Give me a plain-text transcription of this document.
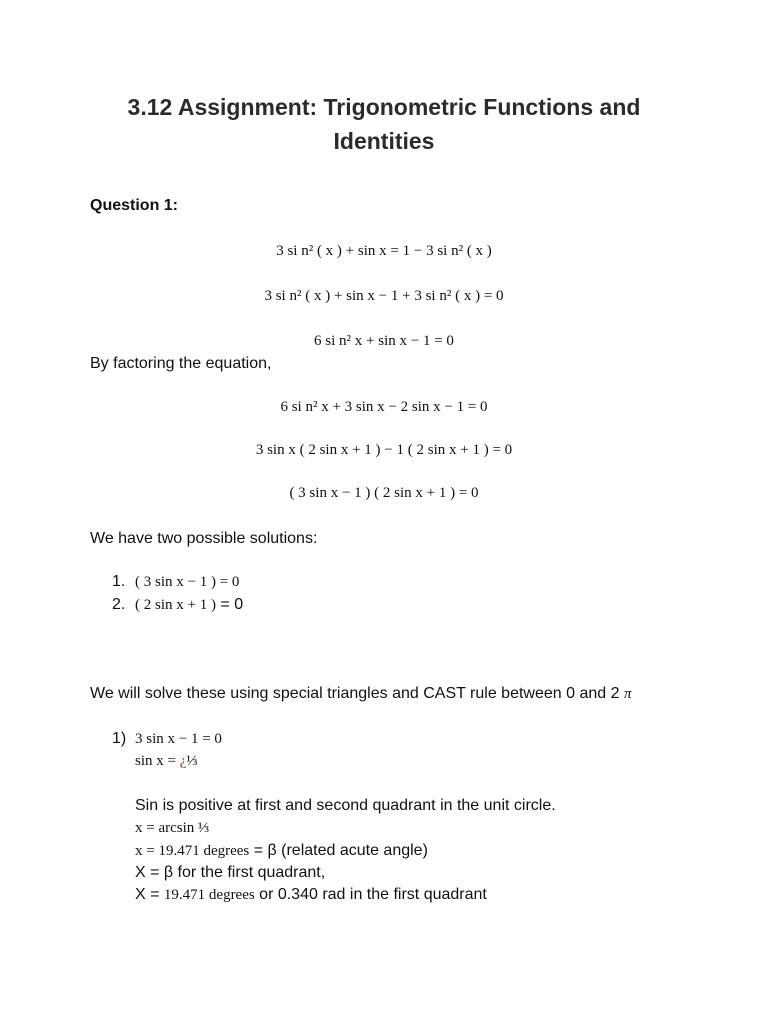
3.12 Assignment: Trigonometric Functions and Identities
Question 1:
3 si n² ( x ) + sin x = 1 − 3 si n² ( x )
3 si n² ( x ) + sin x − 1 + 3 si n² ( x ) = 0
6 si n² x + sin x − 1 = 0
By factoring the equation,
6 si n² x + 3 sin x − 2 sin x − 1 = 0
3 sin x ( 2 sin x + 1 ) − 1 ( 2 sin x + 1 ) = 0
( 3 sin x − 1 ) ( 2 sin x + 1 ) = 0
We have two possible solutions:
1. ( 3 sin x − 1 ) = 0
2. ( 2 sin x + 1 ) = 0
We will solve these using special triangles and CAST rule between 0 and 2 π
1) 3 sin x − 1 = 0
sin x = ¿⅓
Sin is positive at first and second quadrant in the unit circle.
x = arcsin ⅓
x = 19.471 degrees = β (related acute angle)
X = β for the first quadrant,
X = 19.471 degrees or 0.340 rad in the first quadrant
